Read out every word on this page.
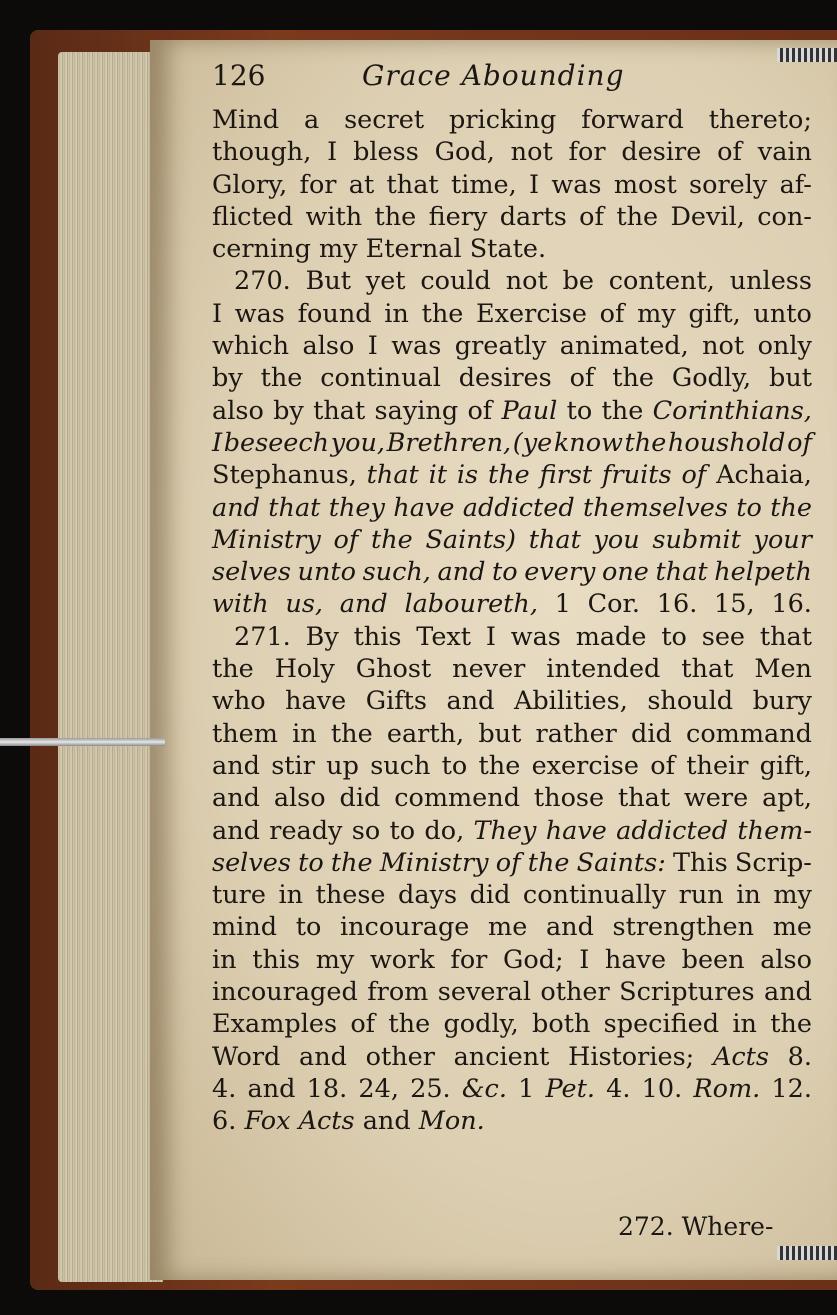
126	Grace Abounding
Mind a secret pricking forward thereto;
though, I bless God, not for desire of vain
Glory, for at that time, I was most sorely af-
flicted with the fiery darts of the Devil, con-
cerning my Eternal State.
270. But yet could not be content, unless
I was found in the Exercise of my gift, unto
which also I was greatly animated, not only
by the continual desires of the Godly, but
also by that saying of Paul to the Corinthians,
I beseech you, Brethren, (ye know the houshold of
Stephanus, that it is the first fruits of Achaia,
and that they have addicted themselves to the
Ministry of the Saints) that you submit your
selves unto such, and to every one that helpeth
with us, and laboureth, 1 Cor. 16. 15, 16.
271. By this Text I was made to see that
the Holy Ghost never intended that Men
who have Gifts and Abilities, should bury
them in the earth, but rather did command
and stir up such to the exercise of their gift,
and also did commend those that were apt,
and ready so to do, They have addicted them-
selves to the Ministry of the Saints: This Scrip-
ture in these days did continually run in my
mind to incourage me and strengthen me
in this my work for God; I have been also
incouraged from several other Scriptures and
Examples of the godly, both specified in the
Word and other ancient Histories; Acts 8.
4. and 18. 24, 25. &c. 1 Pet. 4. 10. Rom. 12.
6. Fox Acts and Mon.
272. Where-
